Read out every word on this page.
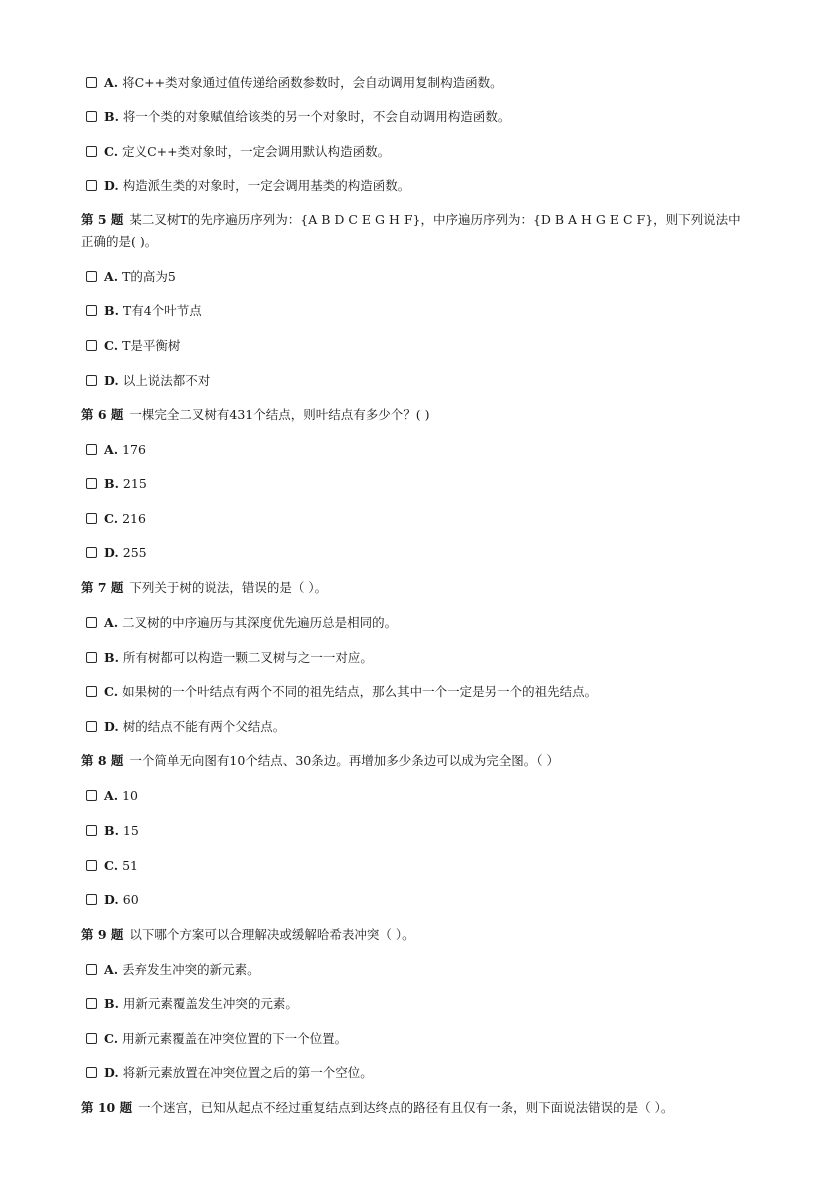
A. 将C++类对象通过值传递给函数参数时，会自动调用复制构造函数。
B. 将一个类的对象赋值给该类的另一个对象时，不会自动调用构造函数。
C. 定义C++类对象时，一定会调用默认构造函数。
D. 构造派生类的对象时，一定会调用基类的构造函数。
第 5 题 某二叉树T的先序遍历序列为：{A B D C E G H F}，中序遍历序列为：{D B A H G E C F}，则下列说法中正确的是( )。
A. T的高为5
B. T有4个叶节点
C. T是平衡树
D. 以上说法都不对
第 6 题 一棵完全二叉树有431个结点，则叶结点有多少个？( )
A. 176
B. 215
C. 216
D. 255
第 7 题 下列关于树的说法，错误的是（ ）。
A. 二叉树的中序遍历与其深度优先遍历总是相同的。
B. 所有树都可以构造一颗二叉树与之一一对应。
C. 如果树的一个叶结点有两个不同的祖先结点，那么其中一个一定是另一个的祖先结点。
D. 树的结点不能有两个父结点。
第 8 题 一个简单无向图有10个结点、30条边。再增加多少条边可以成为完全图。（ ）
A. 10
B. 15
C. 51
D. 60
第 9 题 以下哪个方案可以合理解决或缓解哈希表冲突（ ）。
A. 丢弃发生冲突的新元素。
B. 用新元素覆盖发生冲突的元素。
C. 用新元素覆盖在冲突位置的下一个位置。
D. 将新元素放置在冲突位置之后的第一个空位。
第 10 题 一个迷宫，已知从起点不经过重复结点到达终点的路径有且仅有一条，则下面说法错误的是（ ）。
